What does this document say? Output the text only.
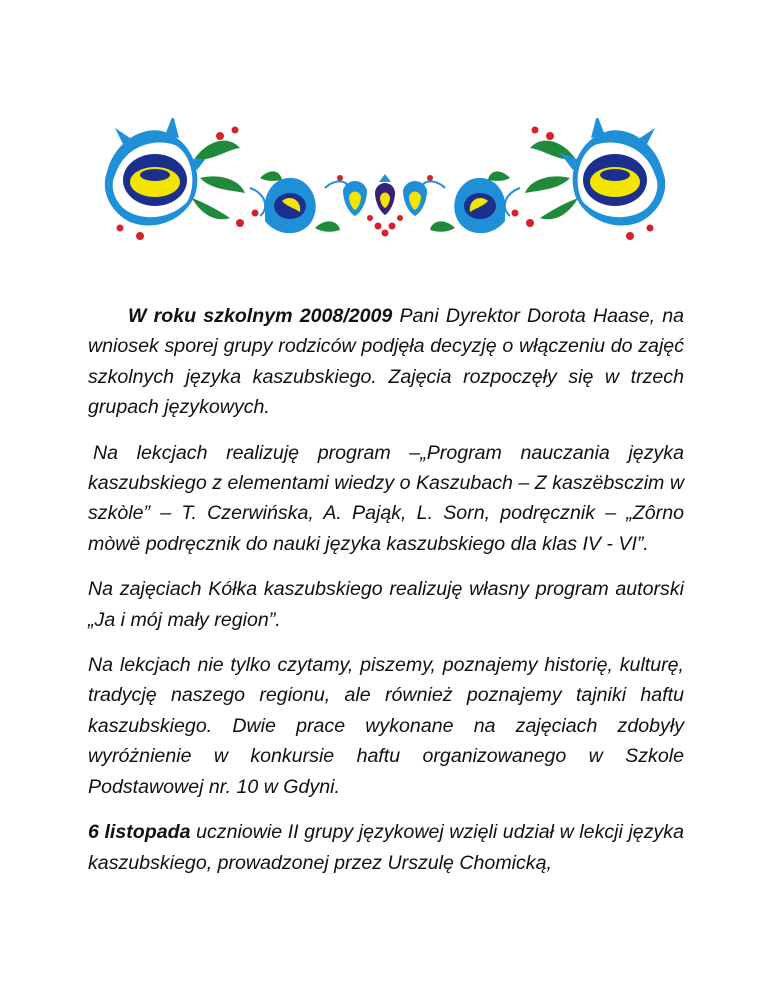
W roku szkolnym 2008/2009 Pani Dyrektor Dorota Haase, na wniosek sporej grupy rodziców podjęła decyzję o włączeniu do zajęć szkolnych języka kaszubskiego. Zajęcia rozpoczęły się w trzech grupach językowych.

Na lekcjach realizuję program –„Program nauczania języka kaszubskiego z elementami wiedzy o Kaszubach – Z kaszëbsczim w szkòle” – T. Czerwińska, A. Pająk, L. Sorn, podręcznik – „Zôrno mòwë podręcznik do nauki języka kaszubskiego dla klas IV - VI”.

Na zajęciach Kółka kaszubskiego realizuję własny program autorski „Ja i mój mały region”.

Na lekcjach nie tylko czytamy, piszemy, poznajemy historię, kulturę, tradycję naszego regionu, ale również poznajemy tajniki haftu kaszubskiego. Dwie prace wykonane na zajęciach zdobyły wyróżnienie w konkursie haftu organizowanego w Szkole Podstawowej nr. 10 w Gdyni.

6 listopada uczniowie II grupy językowej wzięli udział w lekcji języka kaszubskiego, prowadzonej przez Urszulę Chomicką,
